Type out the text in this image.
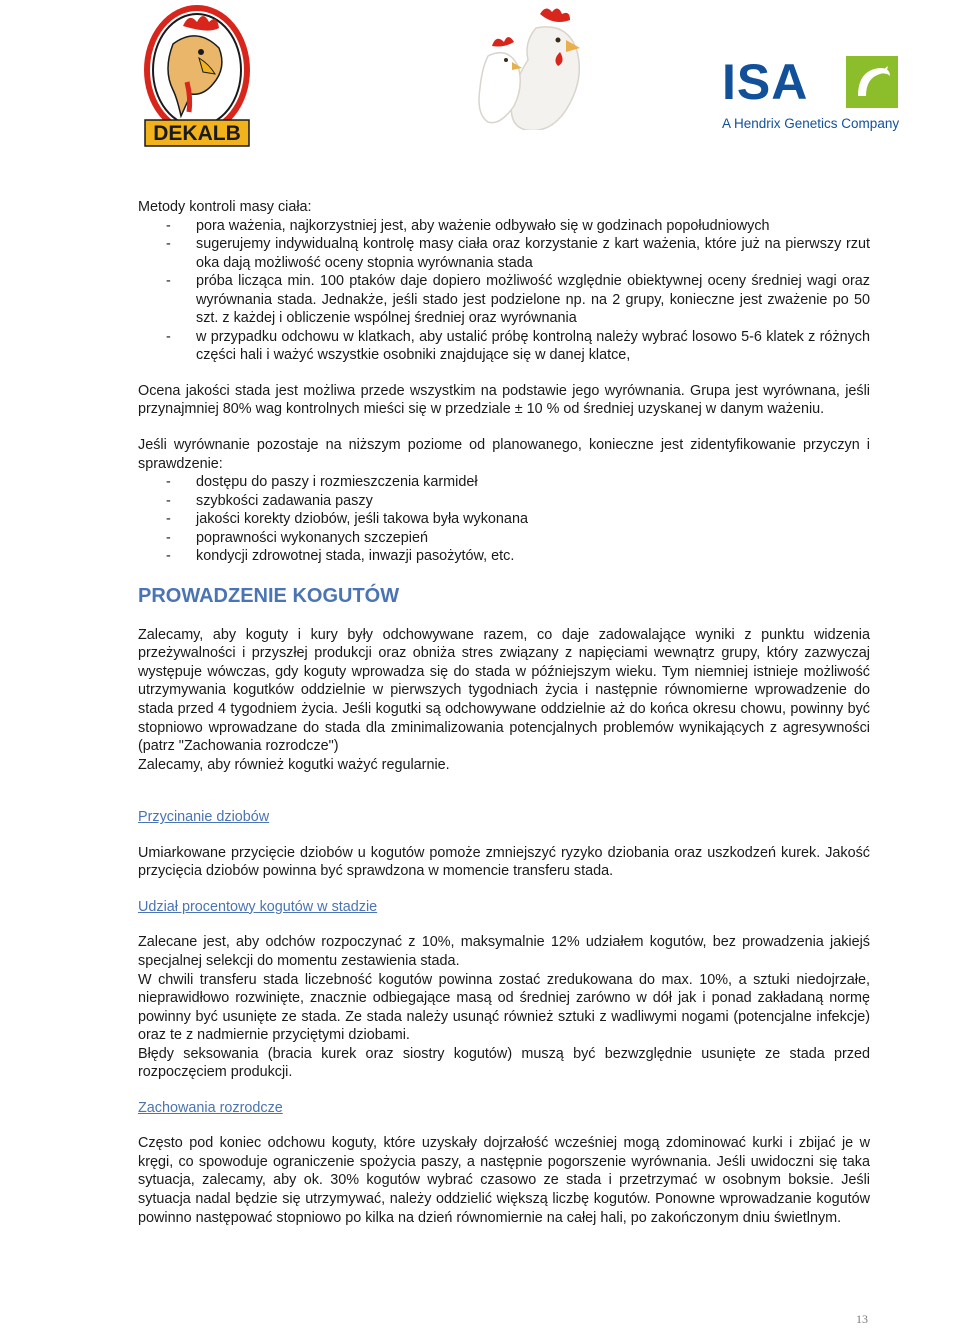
DEKALB
ISA
A Hendrix Genetics Company

Metody kontroli masy ciała:

- pora ważenia, najkorzystniej jest, aby ważenie odbywało się w godzinach popołudniowych
- sugerujemy indywidualną kontrolę masy ciała oraz korzystanie z kart ważenia, które już na pierwszy rzut oka dają możliwość oceny stopnia wyrównania stada
- próba licząca min. 100 ptaków daje dopiero możliwość względnie obiektywnej oceny średniej wagi oraz wyrównania stada. Jednakże, jeśli stado jest podzielone np. na 2 grupy, konieczne jest zważenie po 50 szt. z każdej i obliczenie wspólnej średniej oraz wyrównania
- w przypadku odchowu w klatkach, aby ustalić próbę kontrolną należy wybrać losowo 5-6 klatek z różnych części hali i ważyć wszystkie osobniki znajdujące się w danej klatce,

Ocena jakości stada jest możliwa przede wszystkim na podstawie jego wyrównania. Grupa jest wyrównana, jeśli przynajmniej 80% wag kontrolnych mieści się w przedziale ± 10 % od średniej uzyskanej w danym ważeniu.

Jeśli wyrównanie pozostaje na niższym poziome od planowanego, konieczne jest zidentyfikowanie przyczyn i sprawdzenie:

- dostępu do paszy i rozmieszczenia karmideł
- szybkości zadawania paszy
- jakości korekty dziobów, jeśli takowa była wykonana
- poprawności wykonanych szczepień
- kondycji zdrowotnej stada, inwazji pasożytów, etc.
PROWADZENIE KOGUTÓW

Zalecamy, aby koguty i kury były odchowywane razem, co daje zadowalające wyniki z punktu widzenia przeżywalności i przyszłej produkcji oraz obniża stres związany z napięciami wewnątrz grupy, który zazwyczaj występuje wówczas, gdy koguty wprowadza się do stada w późniejszym wieku. Tym niemniej istnieje możliwość utrzymywania kogutków oddzielnie w pierwszych tygodniach życia i następnie równomierne wprowadzenie do stada przed 4 tygodniem życia. Jeśli kogutki są odchowywane oddzielnie aż do końca okresu chowu, powinny być stopniowo wprowadzane do stada dla zminimalizowania potencjalnych problemów wynikających z agresywności (patrz "Zachowania rozrodcze")

Zalecamy, aby również kogutki ważyć regularnie.

Przycinanie dziobów

Umiarkowane przycięcie dziobów u kogutów pomoże zmniejszyć ryzyko dziobania oraz uszkodzeń kurek. Jakość przycięcia dziobów powinna być sprawdzona w momencie transferu stada.

Udział procentowy kogutów w stadzie

Zalecane jest, aby odchów rozpoczynać z 10%, maksymalnie 12% udziałem kogutów, bez prowadzenia jakiejś specjalnej selekcji do momentu zestawienia stada.

W chwili transferu stada liczebność kogutów powinna zostać zredukowana do max. 10%, a sztuki niedojrzałe, nieprawidłowo rozwinięte, znacznie odbiegające masą od średniej zarówno w dół jak i ponad zakładaną normę powinny być usunięte ze stada. Ze stada należy usunąć również sztuki z wadliwymi nogami (potencjalne infekcje) oraz te z nadmiernie przyciętymi dziobami.

Błędy seksowania (bracia kurek oraz siostry kogutów) muszą być bezwzględnie usunięte ze stada przed rozpoczęciem produkcji.

Zachowania rozrodcze

Często pod koniec odchowu koguty, które uzyskały dojrzałość wcześniej mogą zdominować kurki i zbijać je w kręgi, co spowoduje ograniczenie spożycia paszy, a następnie pogorszenie wyrównania. Jeśli uwidoczni się taka sytuacja, zalecamy, aby ok. 30% kogutów wybrać czasowo ze stada i przetrzymać w osobnym boksie. Jeśli sytuacja nadal będzie się utrzymywać, należy oddzielić większą liczbę kogutów. Ponowne wprowadzanie kogutów powinno następować stopniowo po kilka na dzień równomiernie na całej hali, po zakończonym dniu świetlnym.

13
